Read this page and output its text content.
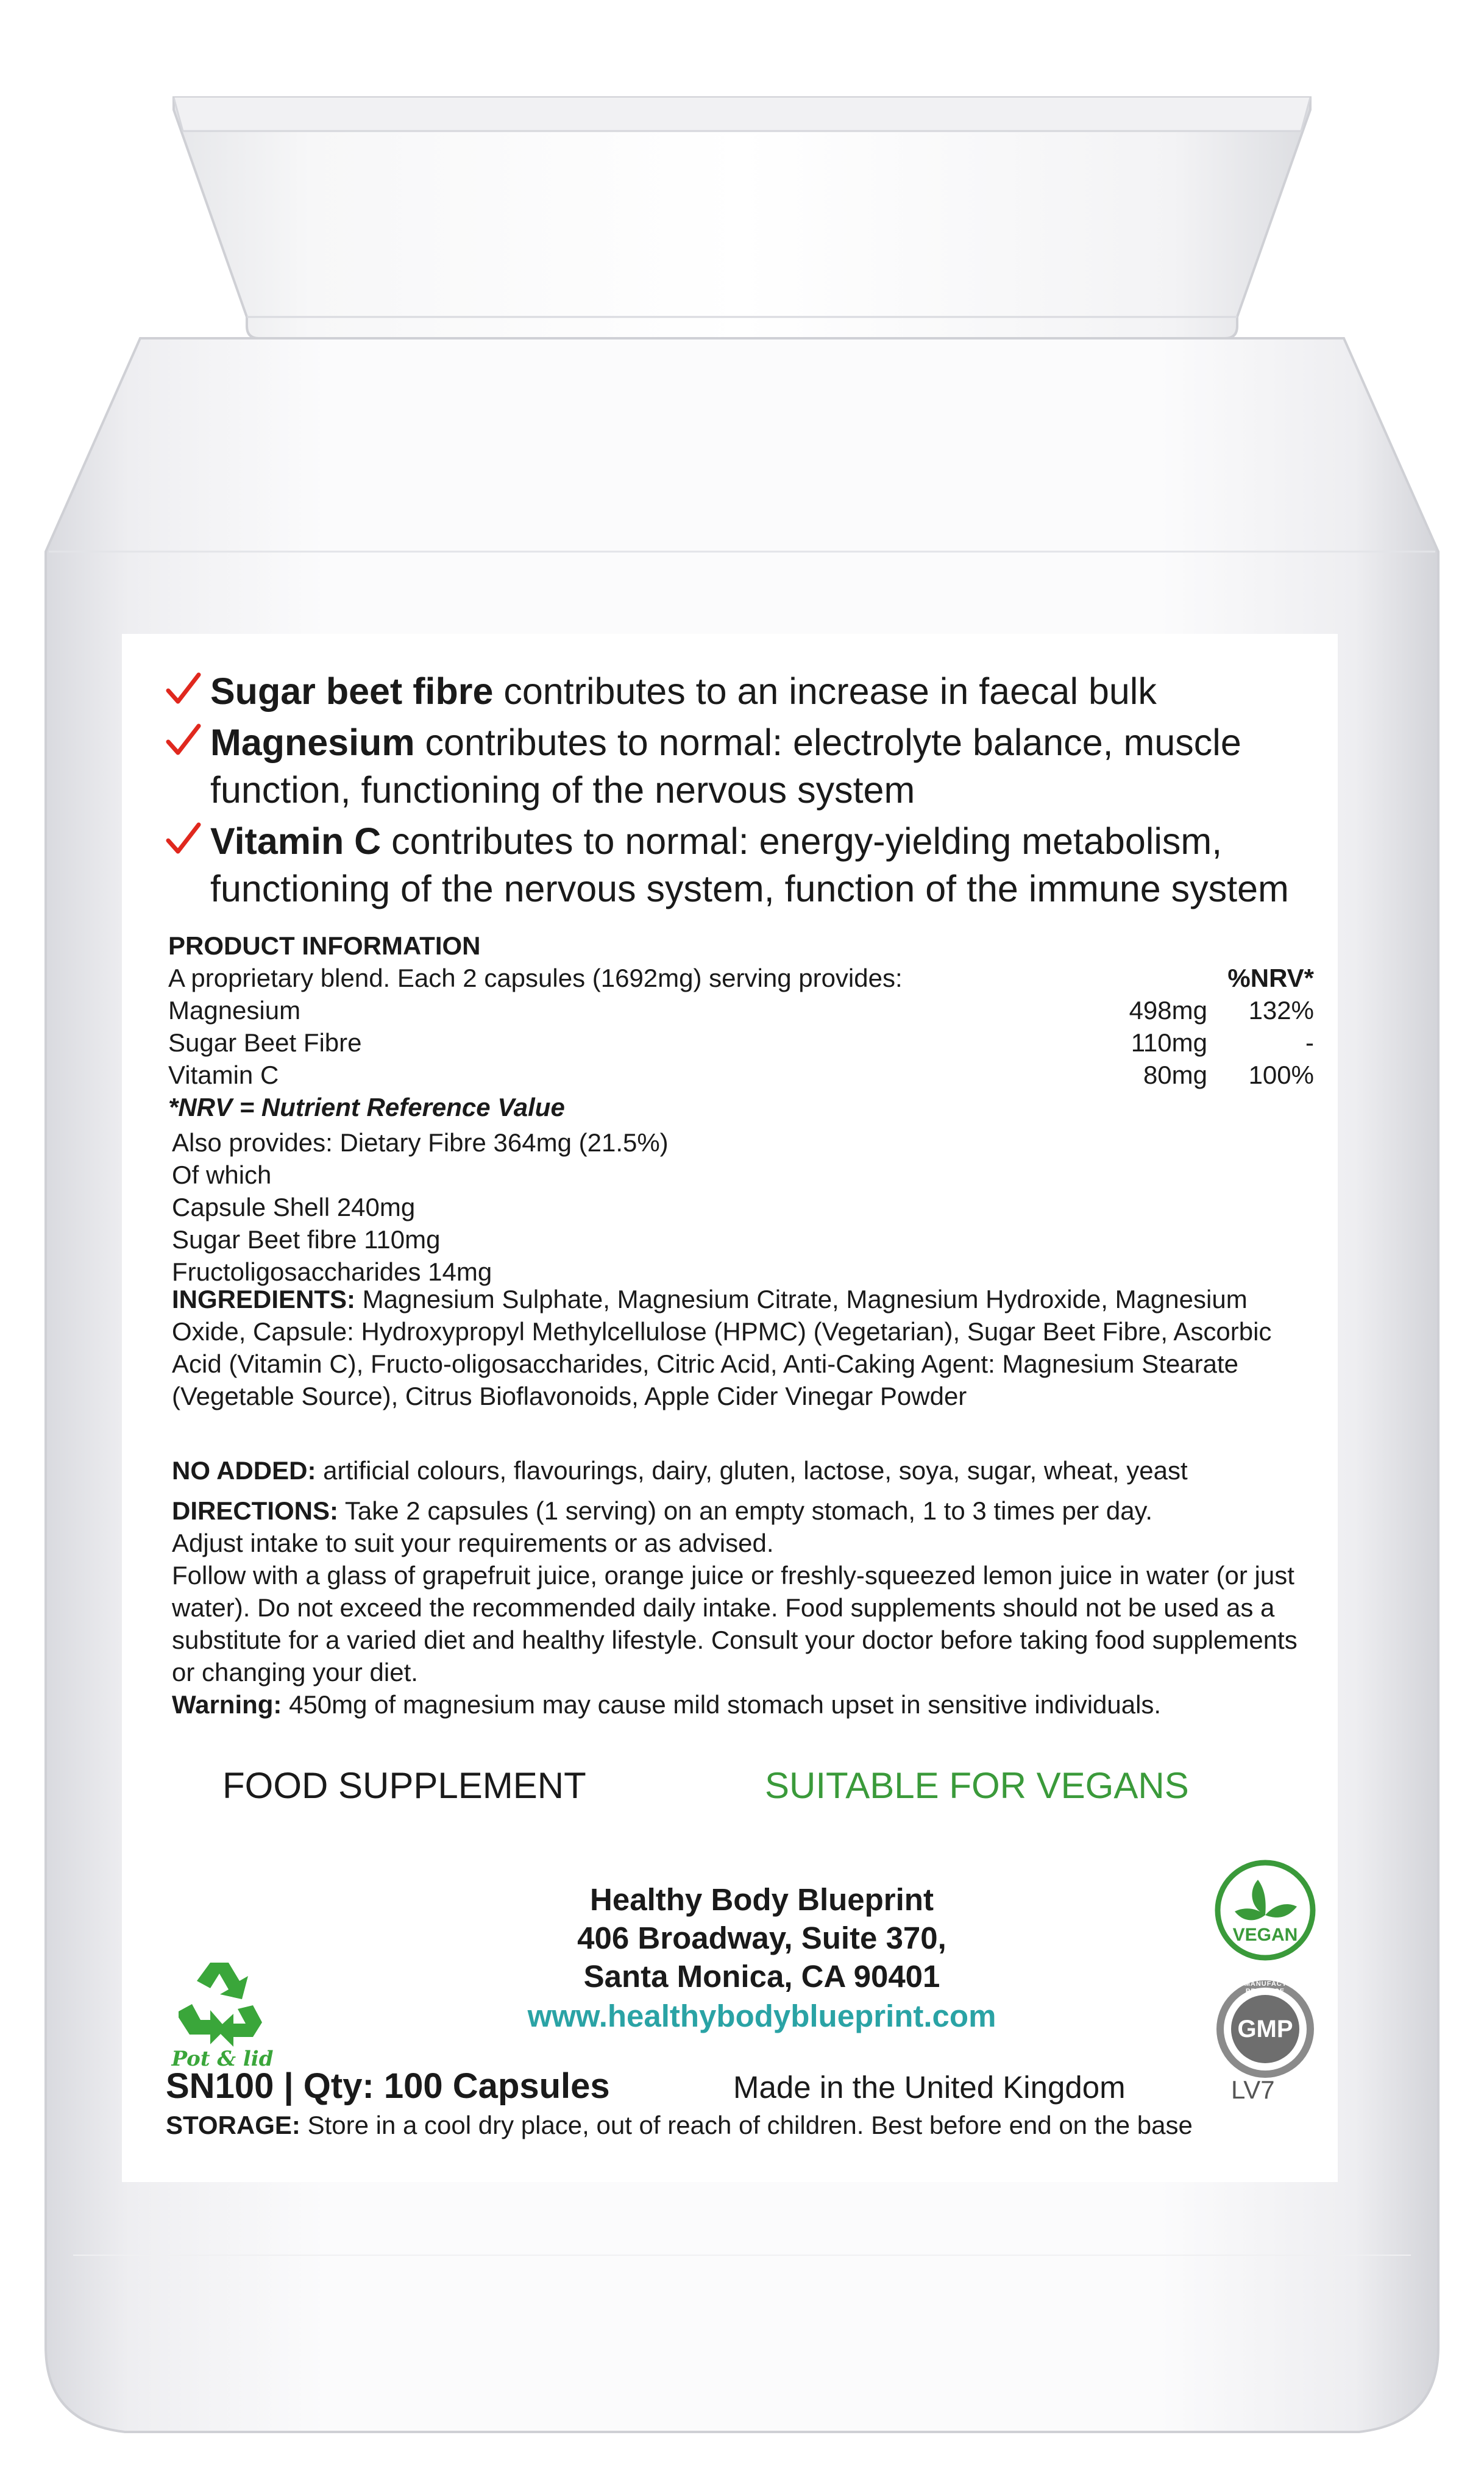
Sugar beet fibre contributes to an increase in faecal bulk
Magnesium contributes to normal: electrolyte balance, muscle function, functioning of the nervous system
Vitamin C contributes to normal: energy-yielding metabolism, functioning of the nervous system, function of the immune system
PRODUCT INFORMATION
A proprietary blend. Each 2 capsules (1692mg) serving provides:	%NRV*
Magnesium	498mg 132%
Sugar Beet Fibre	110mg	-
Vitamin C	80mg 100%
*NRV = Nutrient Reference Value
Also provides: Dietary Fibre 364mg (21.5%)
Of which
Capsule Shell 240mg
Sugar Beet fibre 110mg
Fructoligosaccharides 14mg
INGREDIENTS: Magnesium Sulphate, Magnesium Citrate, Magnesium Hydroxide, Magnesium Oxide, Capsule: Hydroxypropyl Methylcellulose (HPMC) (Vegetarian), Sugar Beet Fibre, Ascorbic Acid (Vitamin C), Fructo-oligosaccharides, Citric Acid, Anti-Caking Agent: Magnesium Stearate (Vegetable Source), Citrus Bioflavonoids, Apple Cider Vinegar Powder
NO ADDED: artificial colours, flavourings, dairy, gluten, lactose, soya, sugar, wheat, yeast
DIRECTIONS: Take 2 capsules (1 serving) on an empty stomach, 1 to 3 times per day.
Adjust intake to suit your requirements or as advised.
Follow with a glass of grapefruit juice, orange juice or freshly-squeezed lemon juice in water (or just water). Do not exceed the recommended daily intake. Food supplements should not be used as a substitute for a varied diet and healthy lifestyle. Consult your doctor before taking food supplements or changing your diet.
Warning: 450mg of magnesium may cause mild stomach upset in sensitive individuals.
FOOD SUPPLEMENT	SUITABLE FOR VEGANS
Healthy Body Blueprint
406 Broadway, Suite 370,
Santa Monica, CA 90401
www.healthybodyblueprint.com
Pot & lid
VEGAN
GMP
GOOD MANUFACTURING PRACTICE
SN100 | Qty: 100 Capsules	Made in the United Kingdom	LV7
STORAGE: Store in a cool dry place, out of reach of children. Best before end on the base
